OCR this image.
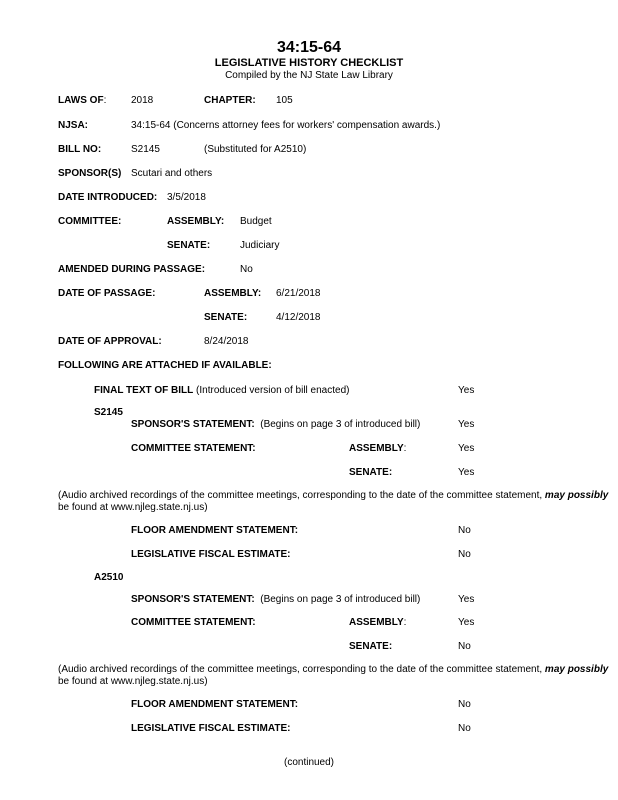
34:15-64
LEGISLATIVE HISTORY CHECKLIST
Compiled by the NJ State Law Library
LAWS OF: 2018	CHAPTER: 105
NJSA:	34:15-64 (Concerns attorney fees for workers' compensation awards.)
BILL NO:	S2145	(Substituted for A2510)
SPONSOR(S) Scutari and others
DATE INTRODUCED: 3/5/2018
COMMITTEE:	ASSEMBLY: Budget
SENATE:	Judiciary
AMENDED DURING PASSAGE:	No
DATE OF PASSAGE:	ASSEMBLY: 6/21/2018
SENATE:	4/12/2018
DATE OF APPROVAL:	8/24/2018
FOLLOWING ARE ATTACHED IF AVAILABLE:
FINAL TEXT OF BILL (Introduced version of bill enacted)	Yes
S2145
SPONSOR'S STATEMENT: (Begins on page 3 of introduced bill)	Yes
COMMITTEE STATEMENT:	ASSEMBLY:	Yes
SENATE:	Yes
(Audio archived recordings of the committee meetings, corresponding to the date of the committee statement, may possibly
be found at www.njleg.state.nj.us)
FLOOR AMENDMENT STATEMENT:	No
LEGISLATIVE FISCAL ESTIMATE:	No
A2510
SPONSOR'S STATEMENT: (Begins on page 3 of introduced bill)	Yes
COMMITTEE STATEMENT:	ASSEMBLY:	Yes
SENATE:	No
(Audio archived recordings of the committee meetings, corresponding to the date of the committee statement, may possibly
be found at www.njleg.state.nj.us)
FLOOR AMENDMENT STATEMENT:	No
LEGISLATIVE FISCAL ESTIMATE:	No
(continued)
